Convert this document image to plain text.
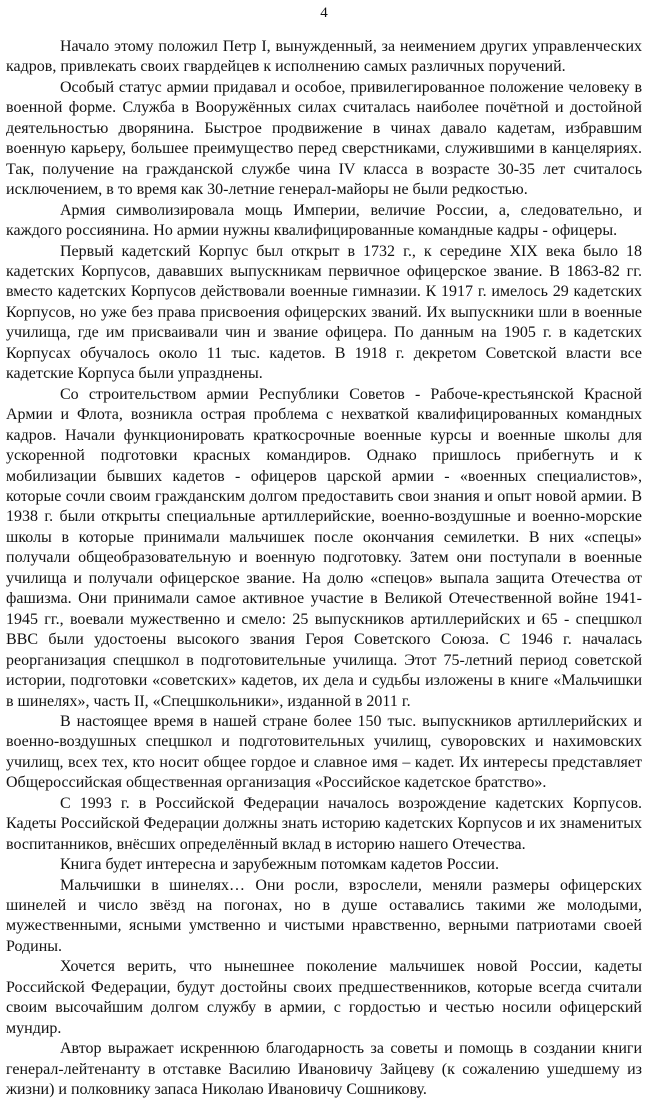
4

Начало этому положил Петр I, вынужденный, за неимением других управленческих кадров, привлекать своих гвардейцев к исполнению самых различных поручений.

Особый статус армии придавал и особое, привилегированное положение человеку в военной форме. Служба в Вооружённых силах считалась наиболее почётной и достойной деятельностью дворянина. Быстрое продвижение в чинах давало кадетам, избравшим военную карьеру, большее преимущество перед сверстниками, служившими в канцеляриях. Так, получение на гражданской службе чина IV класса в возрасте 30-35 лет считалось исключением, в то время как 30-летние генерал-майоры не были редкостью.

Армия символизировала мощь Империи, величие России, а, следовательно, и каждого россиянина. Но армии нужны квалифицированные командные кадры - офицеры.

Первый кадетский Корпус был открыт в 1732 г., к середине XIX века было 18 кадетских Корпусов, дававших выпускникам первичное офицерское звание. В 1863-82 гг. вместо кадетских Корпусов действовали военные гимназии. К 1917 г. имелось 29 кадетских Корпусов, но уже без права присвоения офицерских званий. Их выпускники шли в военные училища, где им присваивали чин и звание офицера. По данным на 1905 г. в кадетских Корпусах обучалось около 11 тыс. кадетов. В 1918 г. декретом Советской власти все кадетские Корпуса были упразднены.

Со строительством армии Республики Советов - Рабоче-крестьянской Красной Армии и Флота, возникла острая проблема с нехваткой квалифицированных командных кадров. Начали функционировать краткосрочные военные курсы и военные школы для ускоренной подготовки красных командиров. Однако пришлось прибегнуть и к мобилизации бывших кадетов - офицеров царской армии - «военных специалистов», которые сочли своим гражданским долгом предоставить свои знания и опыт новой армии. В 1938 г. были открыты специальные артиллерийские, военно-воздушные и военно-морские школы в которые принимали мальчишек после окончания семилетки. В них «спецы» получали общеобразовательную и военную подготовку. Затем они поступали в военные училища и получали офицерское звание. На долю «спецов» выпала защита Отечества от фашизма. Они принимали самое активное участие в Великой Отечественной войне 1941-1945 гг., воевали мужественно и смело: 25 выпускников артиллерийских и 65 - спецшкол ВВС были удостоены высокого звания Героя Советского Союза. С 1946 г. началась реорганизация спецшкол в подготовительные училища. Этот 75-летний период советской истории, подготовки «советских» кадетов, их дела и судьбы изложены в книге «Мальчишки в шинелях», часть II, «Спецшкольники», изданной в 2011 г.

В настоящее время в нашей стране более 150 тыс. выпускников артиллерийских и военно-воздушных спецшкол и подготовительных училищ, суворовских и нахимовских училищ, всех тех, кто носит общее гордое и славное имя – кадет. Их интересы представляет Общероссийская общественная организация «Российское кадетское братство».

С 1993 г. в Российской Федерации началось возрождение кадетских Корпусов. Кадеты Российской Федерации должны знать историю кадетских Корпусов и их знаменитых воспитанников, внёсших определённый вклад в историю нашего Отечества.

Книга будет интересна и зарубежным потомкам кадетов России.

Мальчишки в шинелях… Они росли, взрослели, меняли размеры офицерских шинелей и число звёзд на погонах, но в душе оставались такими же молодыми, мужественными, ясными умственно и чистыми нравственно, верными патриотами своей Родины.

Хочется верить, что нынешнее поколение мальчишек новой России, кадеты Российской Федерации, будут достойны своих предшественников, которые всегда считали своим высочайшим долгом службу в армии, с гордостью и честью носили офицерский мундир.

Автор выражает искреннюю благодарность за советы и помощь в создании книги генерал-лейтенанту в отставке Василию Ивановичу Зайцеву (к сожалению ушедшему из жизни) и полковнику запаса Николаю Ивановичу Сошникову.
